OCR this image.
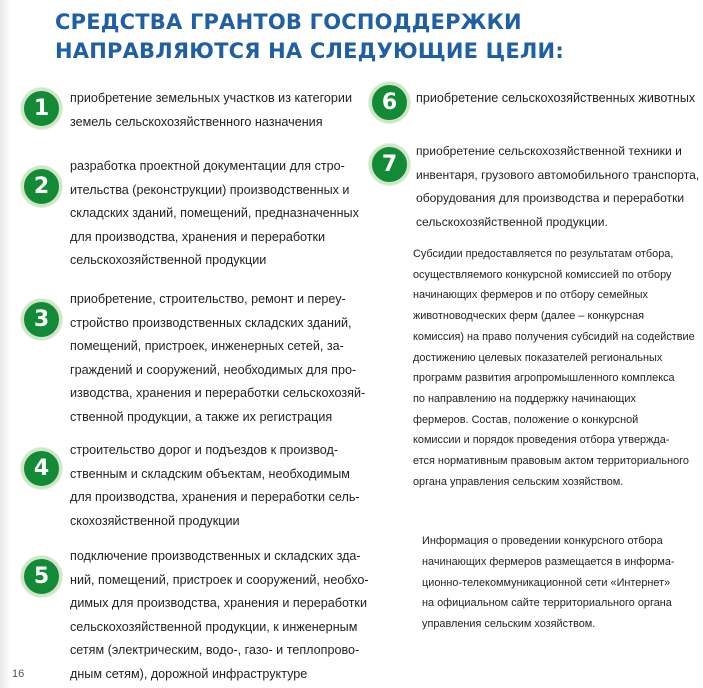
СРЕДСТВА ГРАНТОВ ГОСПОДДЕРЖКИ
НАПРАВЛЯЮТСЯ НА СЛЕДУЮЩИЕ ЦЕЛИ:
1	приобретение земельных участков из категории
земель сельскохозяйственного назначения
2
разработка проектной документации для стро-
ительства (реконструкции) производственных и
складских зданий, помещений, предназначенных
для производства, хранения и переработки
сельскохозяйственной продукции
3
приобретение, строительство, ремонт и переу-
стройство производственных складских зданий,
помещений, пристроек, инженерных сетей, за-
граждений и сооружений, необходимых для про-
изводства, хранения и переработки сельскохозяй-
ственной продукции, а также их регистрация
4
строительство дорог и подъездов к производ-
ственным и складским объектам, необходимым
для производства, хранения и переработки сель-
скохозяйственной продукции
5
подключение производственных и складских зда-
ний, помещений, пристроек и сооружений, необхо-
димых для производства, хранения и переработки
сельскохозяйственной продукции, к инженерным
сетям (электрическим, водо-, газо- и теплопрово-
дным сетям), дорожной инфраструктуре
6	приобретение сельскохозяйственных животных
7
приобретение сельскохозяйственной техники и
инвентаря, грузового автомобильного транспорта,
оборудования для производства и переработки
сельскохозяйственной продукции.
Субсидии предоставляется по результатам отбора,
осуществляемого конкурсной комиссией по отбору
начинающих фермеров и по отбору семейных
животноводческих ферм (далее – конкурсная
комиссия) на право получения субсидий на содействие
достижению целевых показателей региональных
программ развития агропромышленного комплекса
по направлению на поддержку начинающих
фермеров. Состав, положение о конкурсной
комиссии и порядок проведения отбора утвержда-
ется нормативным правовым актом территориального
органа управления сельским хозяйством.
Информация о проведении конкурсного отбора
начинающих фермеров размещается в информа-
ционно-телекоммуникационной сети «Интернет»
на официальном сайте территориального органа
управления сельским хозяйством.
16
